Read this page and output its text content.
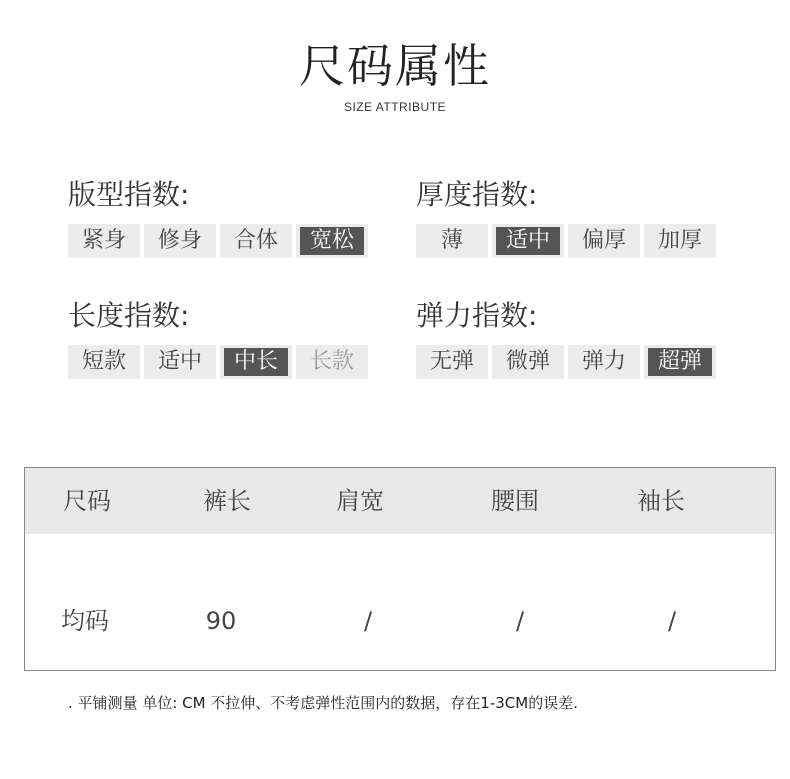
尺码属性
SIZE ATTRIBUTE
版型指数:
紧身	修身	合体	宽松
厚度指数:
薄	适中	偏厚	加厚
长度指数:
短款	适中	中长	长款
弹力指数:
无弹	微弹	弹力	超弹
尺码	裤长	肩宽	腰围	袖长
均码	90	/	/	/
. 平铺测量 单位: CM 不拉伸、不考虑弹性范围内的数据，存在1-3CM的误差.
